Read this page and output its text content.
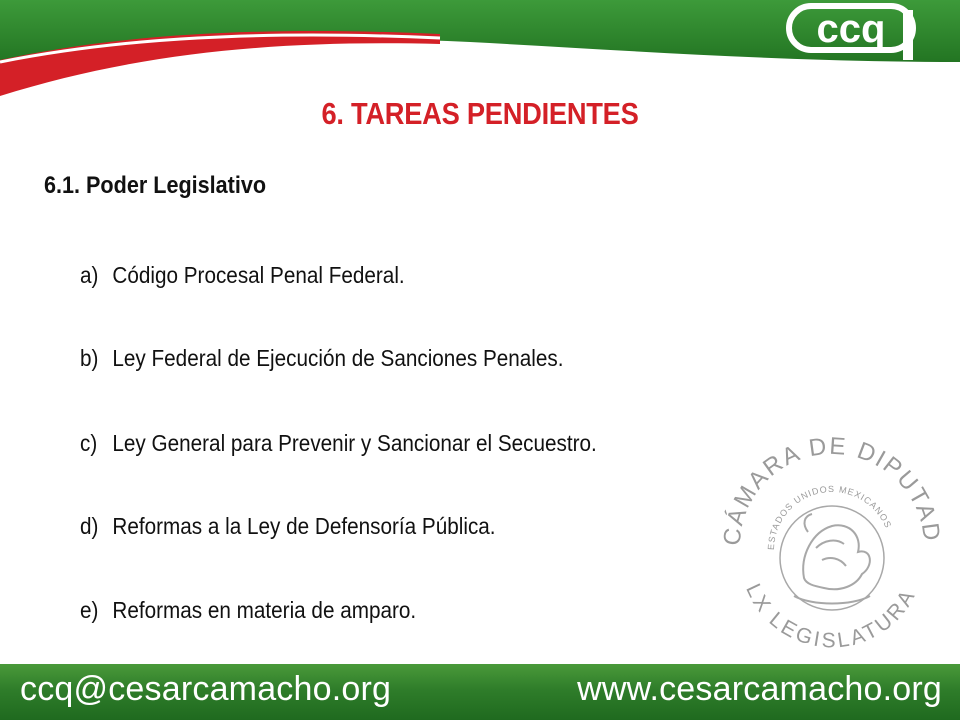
ccq
6. TAREAS PENDIENTES
6.1. Poder Legislativo
a) Código Procesal Penal Federal.
b) Ley Federal de Ejecución de Sanciones Penales.
c) Ley General para Prevenir y Sancionar el Secuestro.
d) Reformas a la Ley de Defensoría Pública.
e) Reformas en materia de amparo.
CÁMARA DE DIPUTAD
ESTADOS UNIDOS MEXICANOS
LX LEGISLATURA
ccq@cesarcamacho.org	www.cesarcamacho.org
